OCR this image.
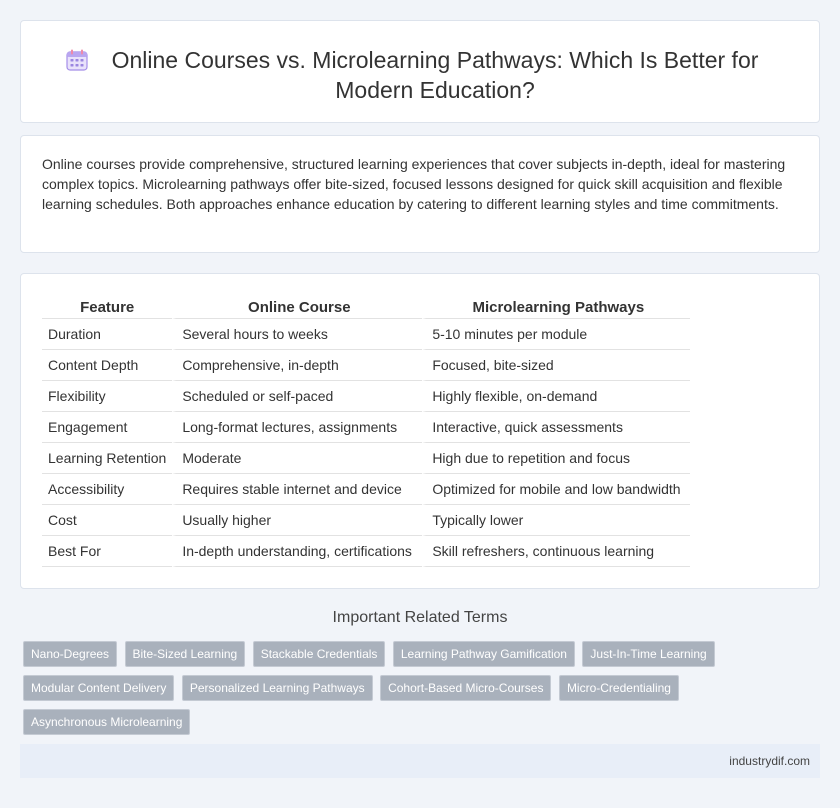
Online Courses vs. Microlearning Pathways: Which Is Better for Modern Education?

Online courses provide comprehensive, structured learning experiences that cover subjects in-depth, ideal for mastering complex topics. Microlearning pathways offer bite-sized, focused lessons designed for quick skill acquisition and flexible learning schedules. Both approaches enhance education by catering to different learning styles and time commitments.

Feature	Online Course	Microlearning Pathways
Duration	Several hours to weeks	5-10 minutes per module
Content Depth	Comprehensive, in-depth	Focused, bite-sized
Flexibility	Scheduled or self-paced	Highly flexible, on-demand
Engagement	Long-format lectures, assignments	Interactive, quick assessments
Learning Retention	Moderate	High due to repetition and focus
Accessibility	Requires stable internet and device	Optimized for mobile and low bandwidth
Cost	Usually higher	Typically lower
Best For	In-depth understanding, certifications	Skill refreshers, continuous learning
Important Related Terms
Nano-Degrees Bite-Sized Learning Stackable Credentials Learning Pathway Gamification Just-In-Time Learning Modular Content Delivery Personalized Learning Pathways Cohort-Based Micro-Courses Micro-Credentialing Asynchronous Microlearning
industrydif.com
